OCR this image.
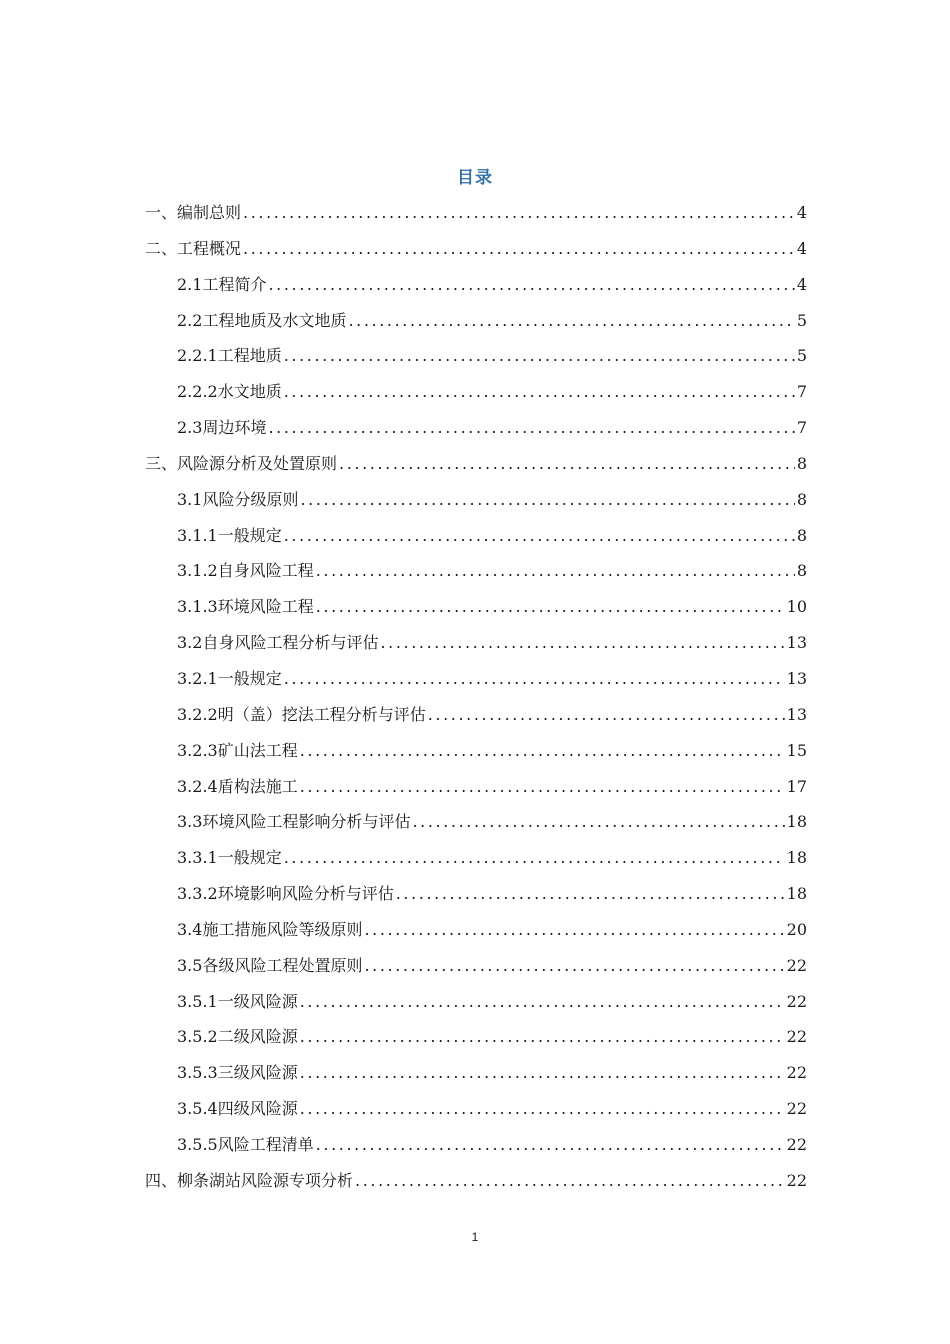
目录
一、编制总则 .....	4
二、工程概况 .....	4
2.1工程简介 .....	4
2.2工程地质及水文地质 .....	5
2.2.1工程地质 .....	5
2.2.2水文地质 .....	7
2.3周边环境 .....	7
三、风险源分析及处置原则 .....	8
3.1风险分级原则 .....	8
3.1.1一般规定 .....	8
3.1.2自身风险工程 .....	8
3.1.3环境风险工程 .....	10
3.2自身风险工程分析与评估 .....	13
3.2.1一般规定 .....	13
3.2.2明（盖）挖法工程分析与评估 .....	13
3.2.3矿山法工程 .....	15
3.2.4盾构法施工 .....	17
3.3环境风险工程影响分析与评估 .....	18
3.3.1一般规定 .....	18
3.3.2环境影响风险分析与评估 .....	18
3.4施工措施风险等级原则 .....	20
3.5各级风险工程处置原则 .....	22
3.5.1一级风险源 .....	22
3.5.2二级风险源 .....	22
3.5.3三级风险源 .....	22
3.5.4四级风险源 .....	22
3.5.5风险工程清单 .....	22
四、柳条湖站风险源专项分析 .....	22
1
